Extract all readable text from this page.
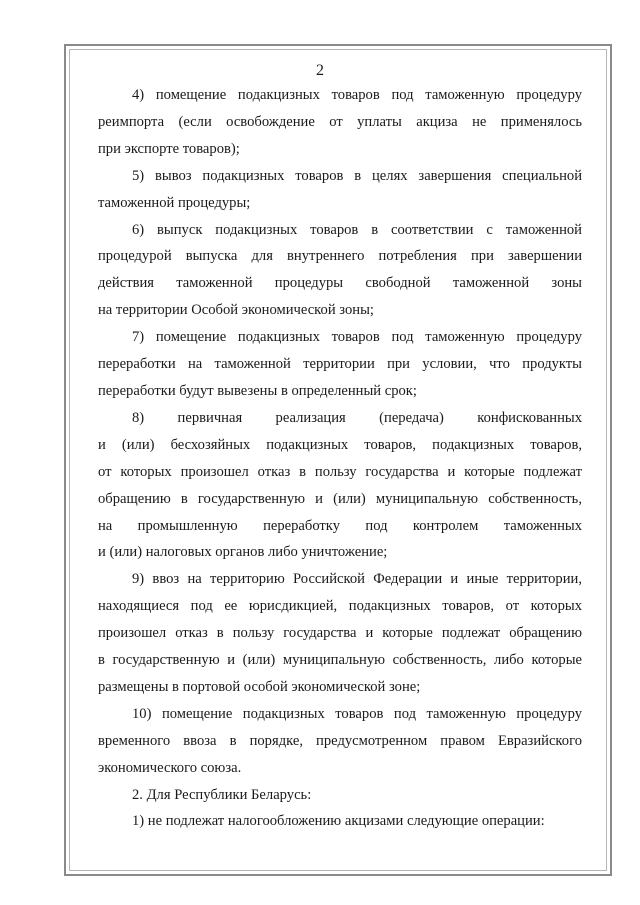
2
4) помещение подакцизных товаров под таможенную процедуру
реимпорта (если освобождение от уплаты акциза не применялось
при экспорте товаров);
5) вывоз подакцизных товаров в целях завершения специальной
таможенной процедуры;
6) выпуск подакцизных товаров в соответствии с таможенной
процедурой выпуска для внутреннего потребления при завершении
действия таможенной процедуры свободной таможенной зоны
на территории Особой экономической зоны;
7) помещение подакцизных товаров под таможенную процедуру
переработки на таможенной территории при условии, что продукты
переработки будут вывезены в определенный срок;
8) первичная реализация (передача) конфискованных
и (или) бесхозяйных подакцизных товаров, подакцизных товаров,
от которых произошел отказ в пользу государства и которые подлежат
обращению в государственную и (или) муниципальную собственность,
на промышленную переработку под контролем таможенных
и (или) налоговых органов либо уничтожение;
9) ввоз на территорию Российской Федерации и иные территории,
находящиеся под ее юрисдикцией, подакцизных товаров, от которых
произошел отказ в пользу государства и которые подлежат обращению
в государственную и (или) муниципальную собственность, либо которые
размещены в портовой особой экономической зоне;
10) помещение подакцизных товаров под таможенную процедуру
временного ввоза в порядке, предусмотренном правом Евразийского
экономического союза.
2. Для Республики Беларусь:
1) не подлежат налогообложению акцизами следующие операции:
